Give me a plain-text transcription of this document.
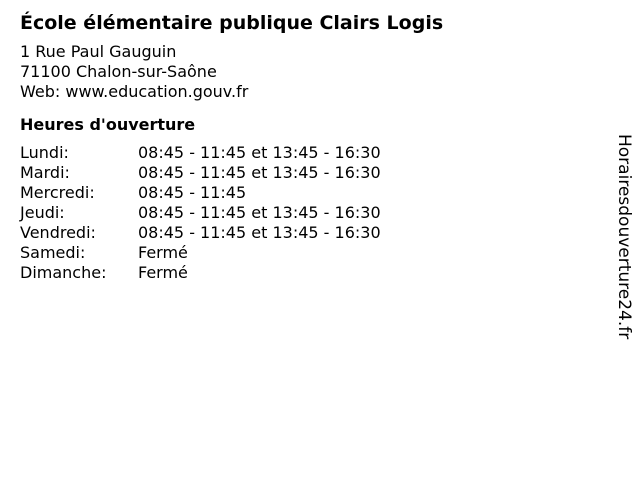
École élémentaire publique Clairs Logis
1 Rue Paul Gauguin
71100 Chalon-sur-Saône
Web: www.education.gouv.fr
Heures d'ouverture
Lundi:	08:45 - 11:45 et 13:45 - 16:30
Mardi:	08:45 - 11:45 et 13:45 - 16:30
Mercredi:	08:45 - 11:45
Jeudi:	08:45 - 11:45 et 13:45 - 16:30
Vendredi:	08:45 - 11:45 et 13:45 - 16:30
Samedi:	Fermé
Dimanche:	Fermé	Horairesdouverture24.fr
